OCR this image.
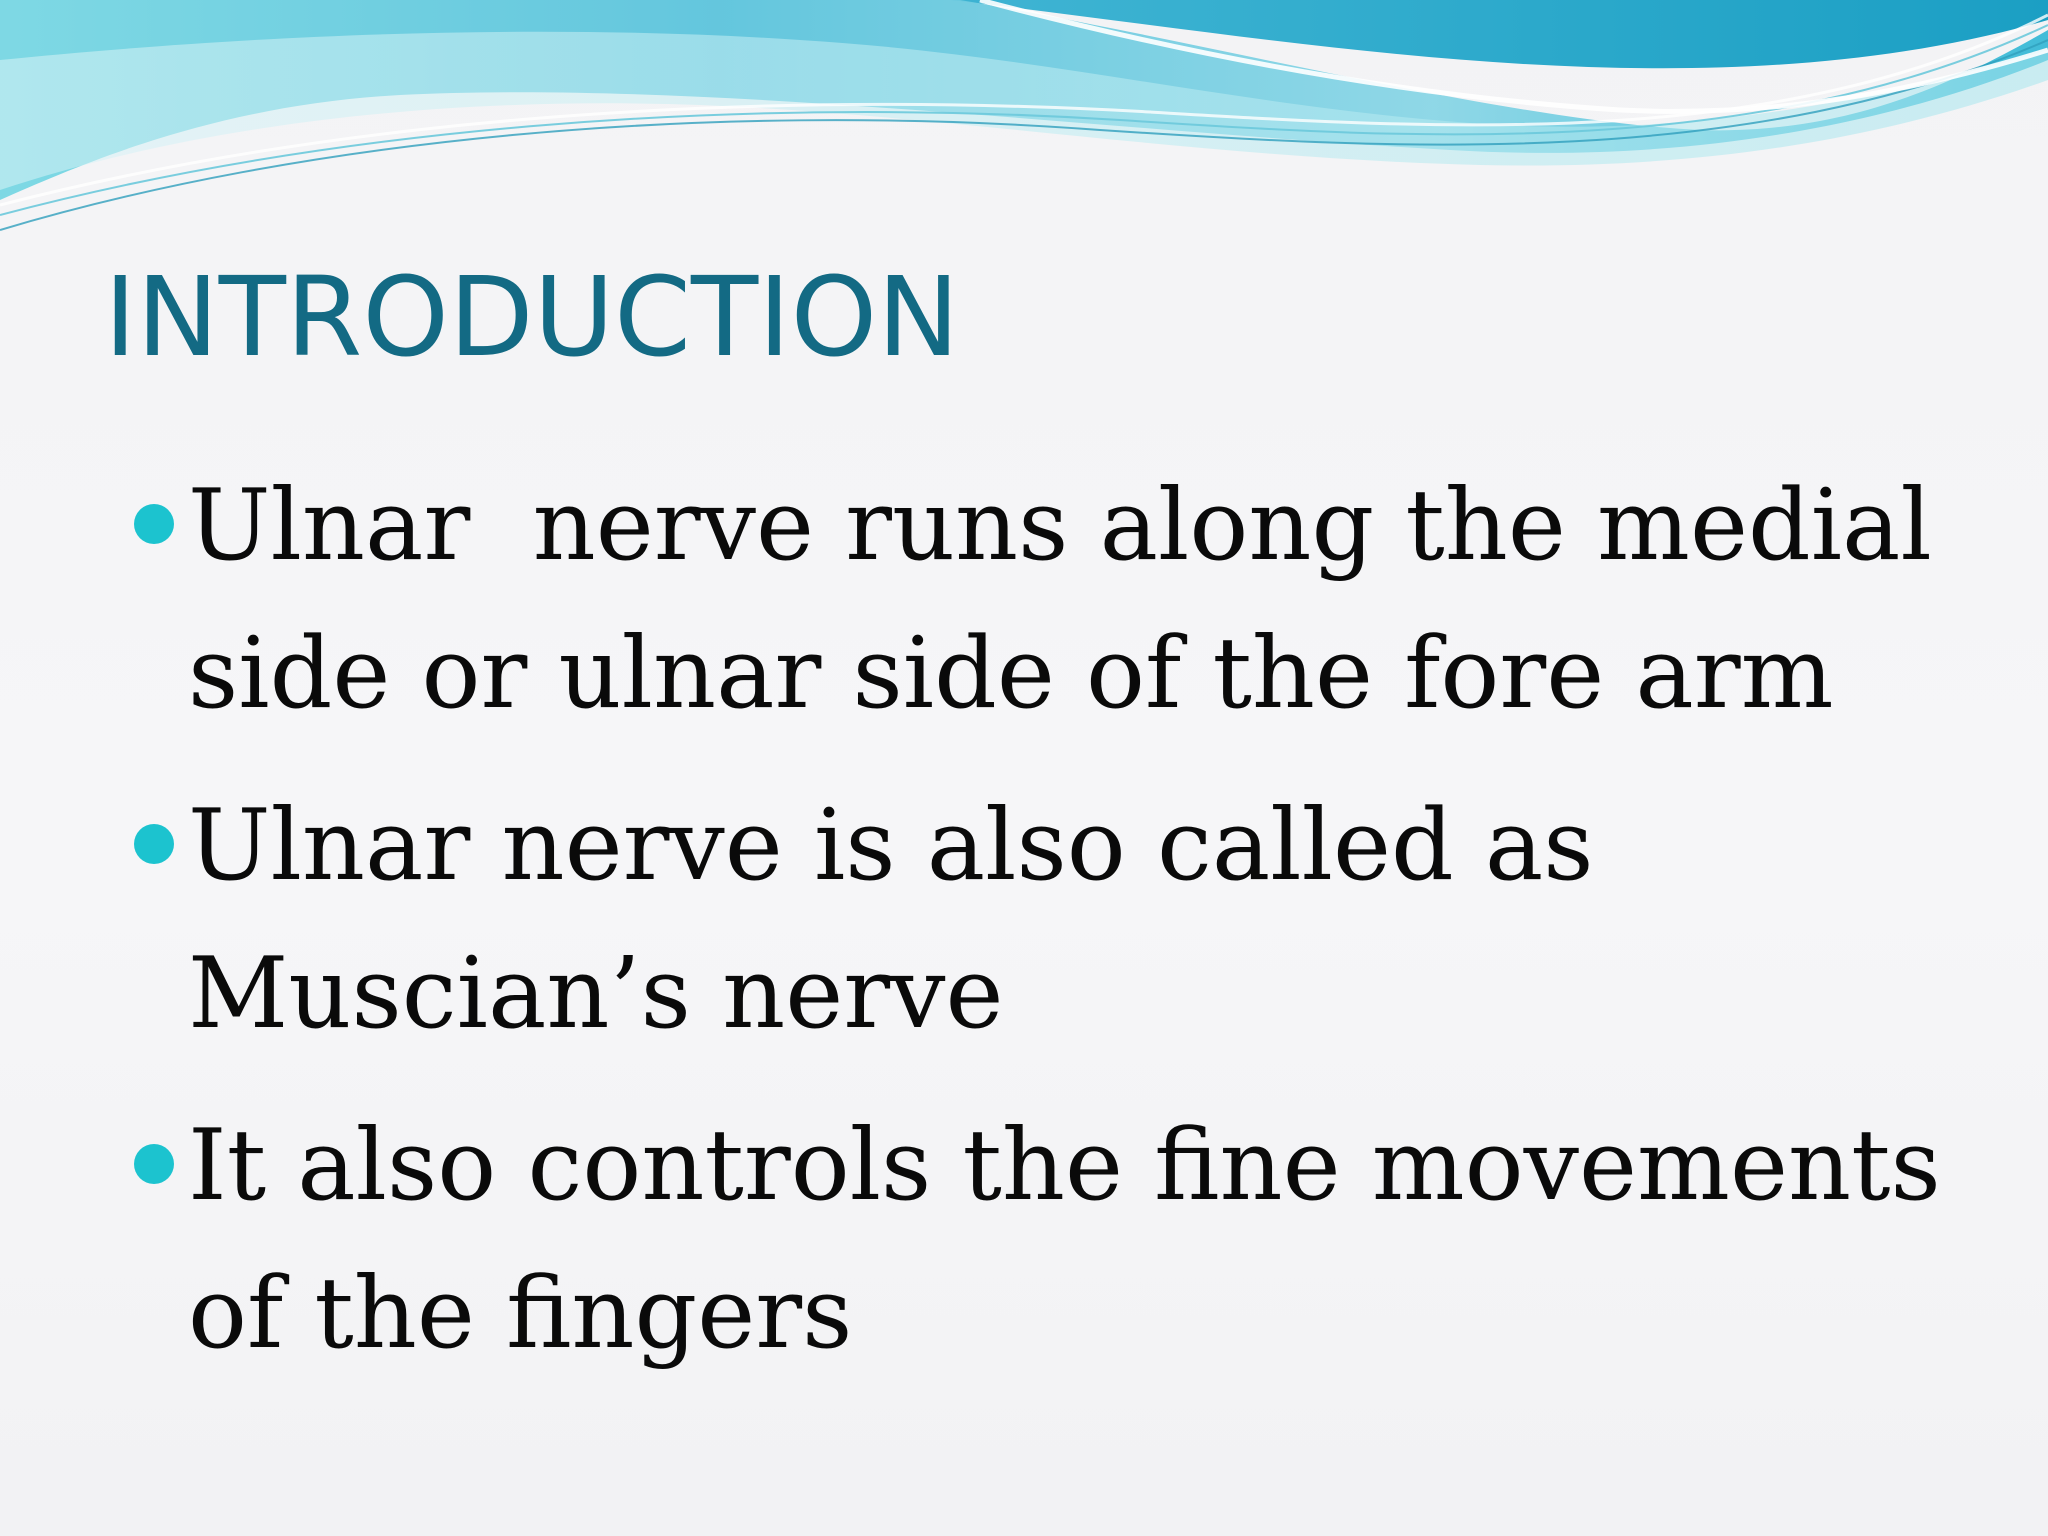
INTRODUCTION
Ulnar  nerve runs along the medial side or ulnar side of the fore arm
Ulnar nerve is also called as Muscian’s nerve
It also controls the fine movements of the fingers
